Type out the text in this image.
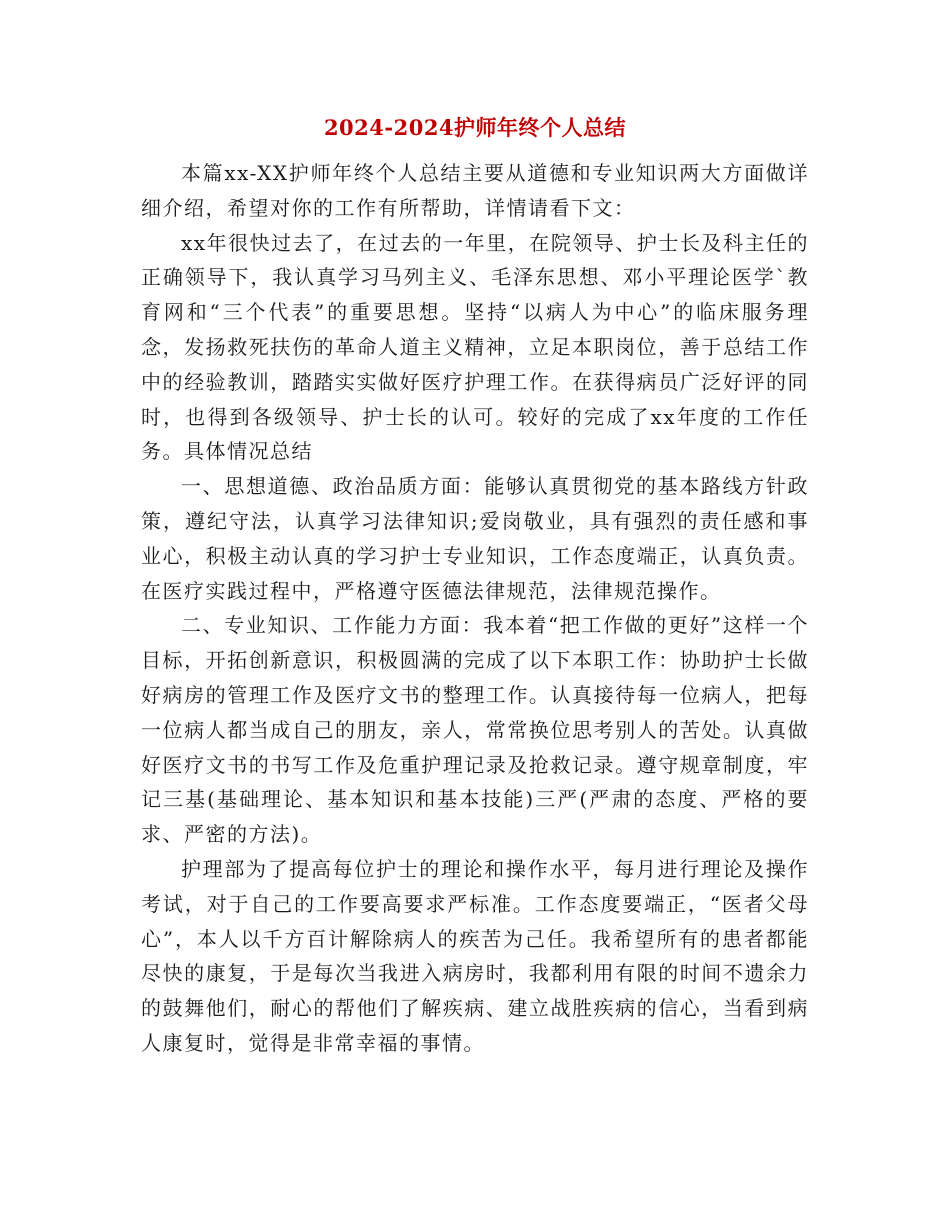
2024-2024护师年终个人总结

本篇xx-XX护师年终个人总结主要从道德和专业知识两大方面做详细介绍，希望对你的工作有所帮助，详情请看下文：

xx年很快过去了，在过去的一年里，在院领导、护士长及科主任的正确领导下，我认真学习马列主义、毛泽东思想、邓小平理论医学`教育网和“三个代表”的重要思想。坚持“以病人为中心”的临床服务理念，发扬救死扶伤的革命人道主义精神，立足本职岗位，善于总结工作中的经验教训，踏踏实实做好医疗护理工作。在获得病员广泛好评的同时，也得到各级领导、护士长的认可。较好的完成了xx年度的工作任务。具体情况总结

一、思想道德、政治品质方面：能够认真贯彻党的基本路线方针政策，遵纪守法，认真学习法律知识;爱岗敬业，具有强烈的责任感和事业心，积极主动认真的学习护士专业知识，工作态度端正，认真负责。在医疗实践过程中，严格遵守医德法律规范，法律规范操作。

二、专业知识、工作能力方面：我本着“把工作做的更好”这样一个目标，开拓创新意识，积极圆满的完成了以下本职工作：协助护士长做好病房的管理工作及医疗文书的整理工作。认真接待每一位病人，把每一位病人都当成自己的朋友，亲人，常常换位思考别人的苦处。认真做好医疗文书的书写工作及危重护理记录及抢救记录。遵守规章制度，牢记三基(基础理论、基本知识和基本技能)三严(严肃的态度、严格的要求、严密的方法)。

护理部为了提高每位护士的理论和操作水平，每月进行理论及操作考试，对于自己的工作要高要求严标准。工作态度要端正，“医者父母心”，本人以千方百计解除病人的疾苦为己任。我希望所有的患者都能尽快的康复，于是每次当我进入病房时，我都利用有限的时间不遗余力的鼓舞他们，耐心的帮他们了解疾病、建立战胜疾病的信心，当看到病人康复时，觉得是非常幸福的事情。
